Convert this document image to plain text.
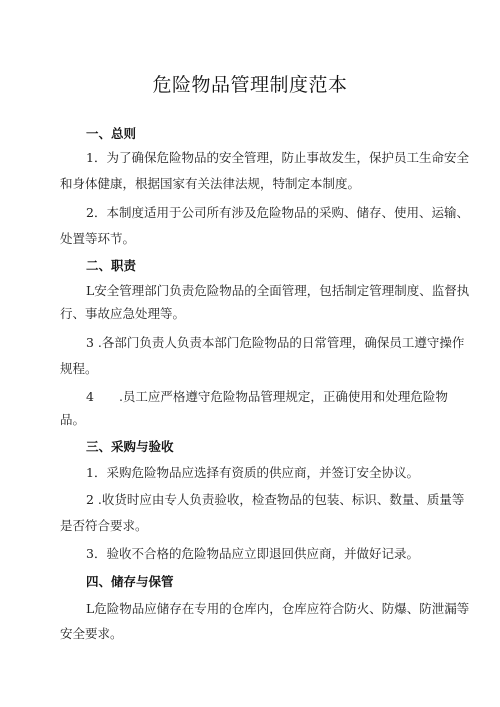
危险物品管理制度范本
一、总则
1．为了确保危险物品的安全管理，防止事故发生，保护员工生命安全
和身体健康，根据国家有关法律法规，特制定本制度。
2．本制度适用于公司所有涉及危险物品的采购、储存、使用、运输、
处置等环节。
二、职责
L安全管理部门负责危险物品的全面管理，包括制定管理制度、监督执
行、事故应急处理等。
3 .各部门负责人负责本部门危险物品的日常管理，确保员工遵守操作
规程。
4　　.员工应严格遵守危险物品管理规定，正确使用和处理危险物
品。
三、采购与验收
1．采购危险物品应选择有资质的供应商，并签订安全协议。
2 .收货时应由专人负责验收，检查物品的包装、标识、数量、质量等
是否符合要求。
3．验收不合格的危险物品应立即退回供应商，并做好记录。
四、储存与保管
L危险物品应储存在专用的仓库内，仓库应符合防火、防爆、防泄漏等
安全要求。
